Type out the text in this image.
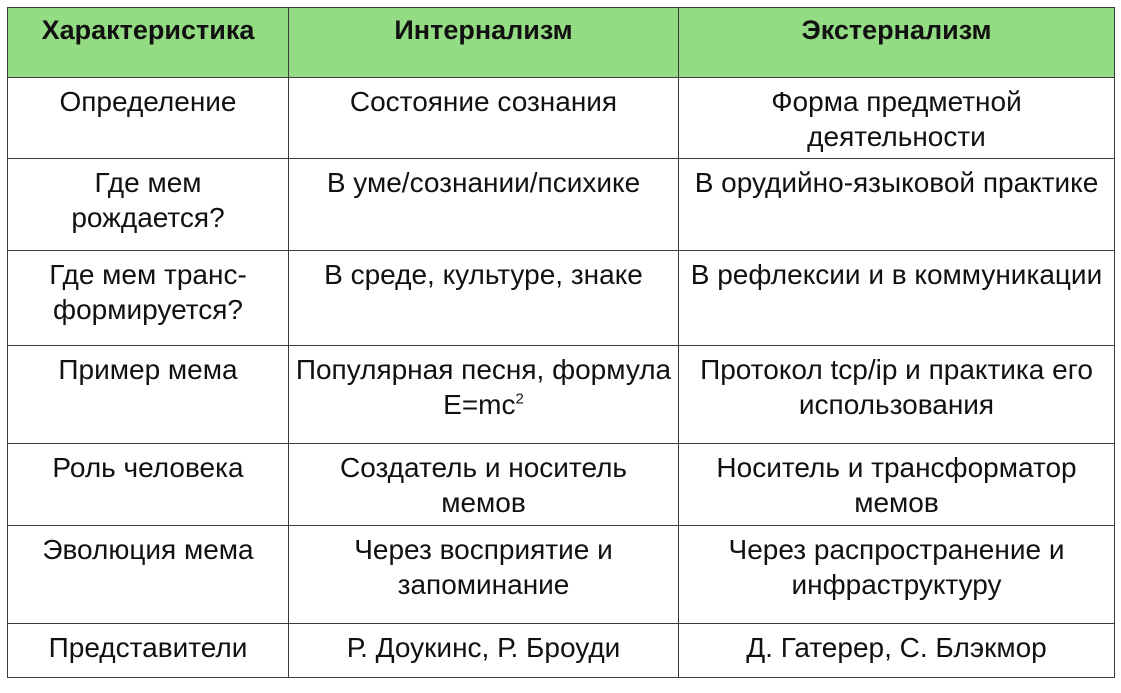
Характеристика	Интернализм	Экстернализм
Определение	Состояние сознания	Форма предметной деятельности
Где мем рождается?	В уме/сознании/психике	В орудийно-языковой практике
Где мем транс-формируется?	В среде, культуре, знаке	В рефлексии и в коммуникации
Пример мема	Популярная песня, формула $E=mc^2$	Протокол tcp/ip и практика его использования
Роль человека	Создатель и носитель мемов	Носитель и трансформатор мемов
Эволюция мема	Через восприятие и запоминание	Через распространение и инфраструктуру
Представители	Р. Доукинс, Р. Броуди	Д. Гатерер, С. Блэкмор
